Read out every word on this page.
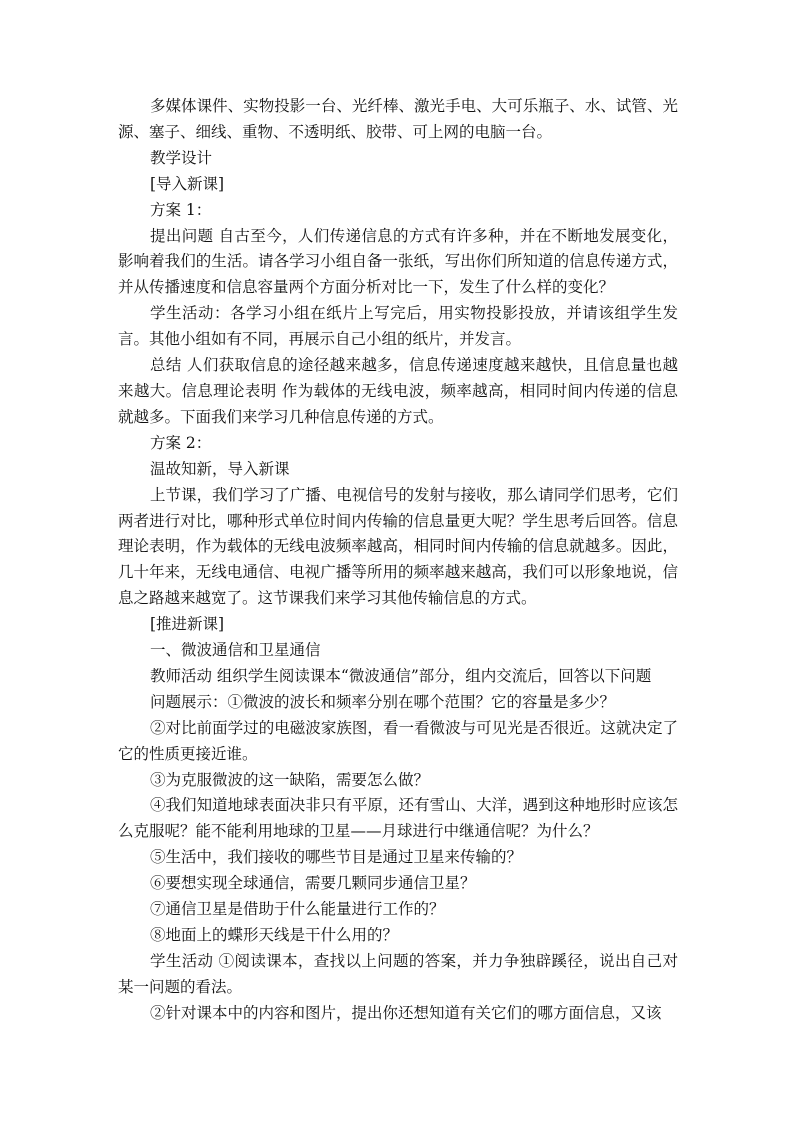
多媒体课件、实物投影一台、光纤棒、激光手电、大可乐瓶子、水、试管、光源、塞子、细线、重物、不透明纸、胶带、可上网的电脑一台。

教学设计

[导入新课]

方案 1：

提出问题 自古至今，人们传递信息的方式有许多种，并在不断地发展变化，影响着我们的生活。请各学习小组自备一张纸，写出你们所知道的信息传递方式，并从传播速度和信息容量两个方面分析对比一下，发生了什么样的变化？

学生活动：各学习小组在纸片上写完后，用实物投影投放，并请该组学生发言。其他小组如有不同，再展示自己小组的纸片，并发言。

总结 人们获取信息的途径越来越多，信息传递速度越来越快，且信息量也越来越大。信息理论表明 作为载体的无线电波，频率越高，相同时间内传递的信息就越多。下面我们来学习几种信息传递的方式。

方案 2：

温故知新，导入新课

上节课，我们学习了广播、电视信号的发射与接收，那么请同学们思考，它们两者进行对比，哪种形式单位时间内传输的信息量更大呢？学生思考后回答。信息理论表明，作为载体的无线电波频率越高，相同时间内传输的信息就越多。因此，几十年来，无线电通信、电视广播等所用的频率越来越高，我们可以形象地说，信息之路越来越宽了。这节课我们来学习其他传输信息的方式。

[推进新课]

一、微波通信和卫星通信

教师活动 组织学生阅读课本“微波通信”部分，组内交流后，回答以下问题

问题展示：①微波的波长和频率分别在哪个范围？它的容量是多少？

②对比前面学过的电磁波家族图，看一看微波与可见光是否很近。这就决定了它的性质更接近谁。

③为克服微波的这一缺陷，需要怎么做？

④我们知道地球表面决非只有平原，还有雪山、大洋，遇到这种地形时应该怎么克服呢？能不能利用地球的卫星——月球进行中继通信呢？为什么？

⑤生活中，我们接收的哪些节目是通过卫星来传输的？

⑥要想实现全球通信，需要几颗同步通信卫星？

⑦通信卫星是借助于什么能量进行工作的？

⑧地面上的蝶形天线是干什么用的？

学生活动 ①阅读课本，查找以上问题的答案，并力争独辟蹊径，说出自己对某一问题的看法。

②针对课本中的内容和图片，提出你还想知道有关它们的哪方面信息，又该
